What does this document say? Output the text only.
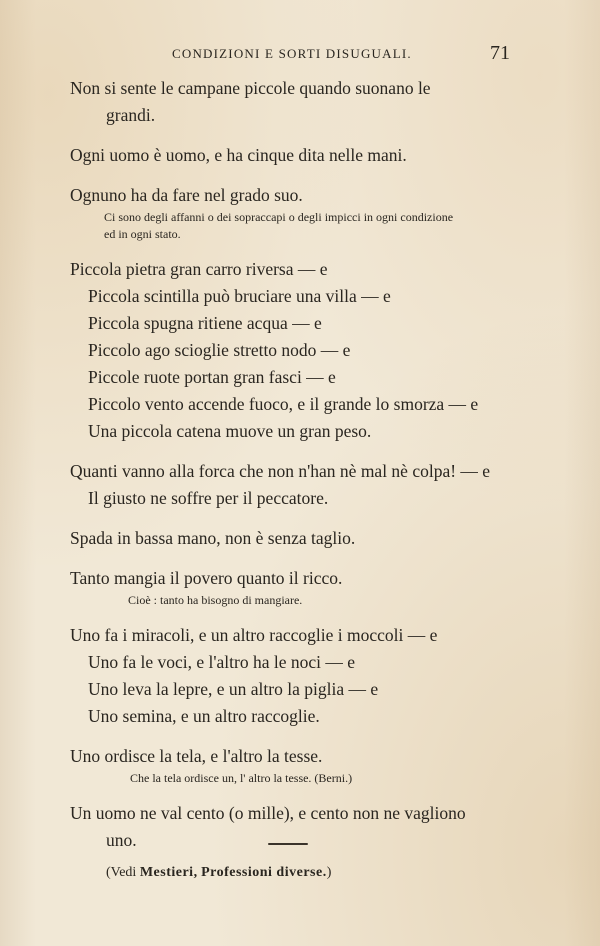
CONDIZIONI E SORTI DISUGUALI.	71
Non si sente le campane piccole quando suonano le
grandi.
Ogni uomo è uomo, e ha cinque dita nelle mani.
Ognuno ha da fare nel grado suo.
Ci sono degli affanni o dei sopraccapi o degli impicci in ogni condizione
ed in ogni stato.
Piccola pietra gran carro riversa — e
Piccola scintilla può bruciare una villa — e
Piccola spugna ritiene acqua — e
Piccolo ago scioglie stretto nodo — e
Piccole ruote portan gran fasci — e
Piccolo vento accende fuoco, e il grande lo smorza — e
Una piccola catena muove un gran peso.
Quanti vanno alla forca che non n'han nè mal nè colpa! — e
Il giusto ne soffre per il peccatore.
Spada in bassa mano, non è senza taglio.
Tanto mangia il povero quanto il ricco.
Cioè : tanto ha bisogno di mangiare.
Uno fa i miracoli, e un altro raccoglie i moccoli — e
Uno fa le voci, e l'altro ha le noci — e
Uno leva la lepre, e un altro la piglia — e
Uno semina, e un altro raccoglie.
Uno ordisce la tela, e l'altro la tesse.
Che la tela ordisce un, l' altro la tesse. (Berni.)
Un uomo ne val cento (o mille), e cento non ne vagliono
uno.
(Vedi Mestieri, Professioni diverse.)
